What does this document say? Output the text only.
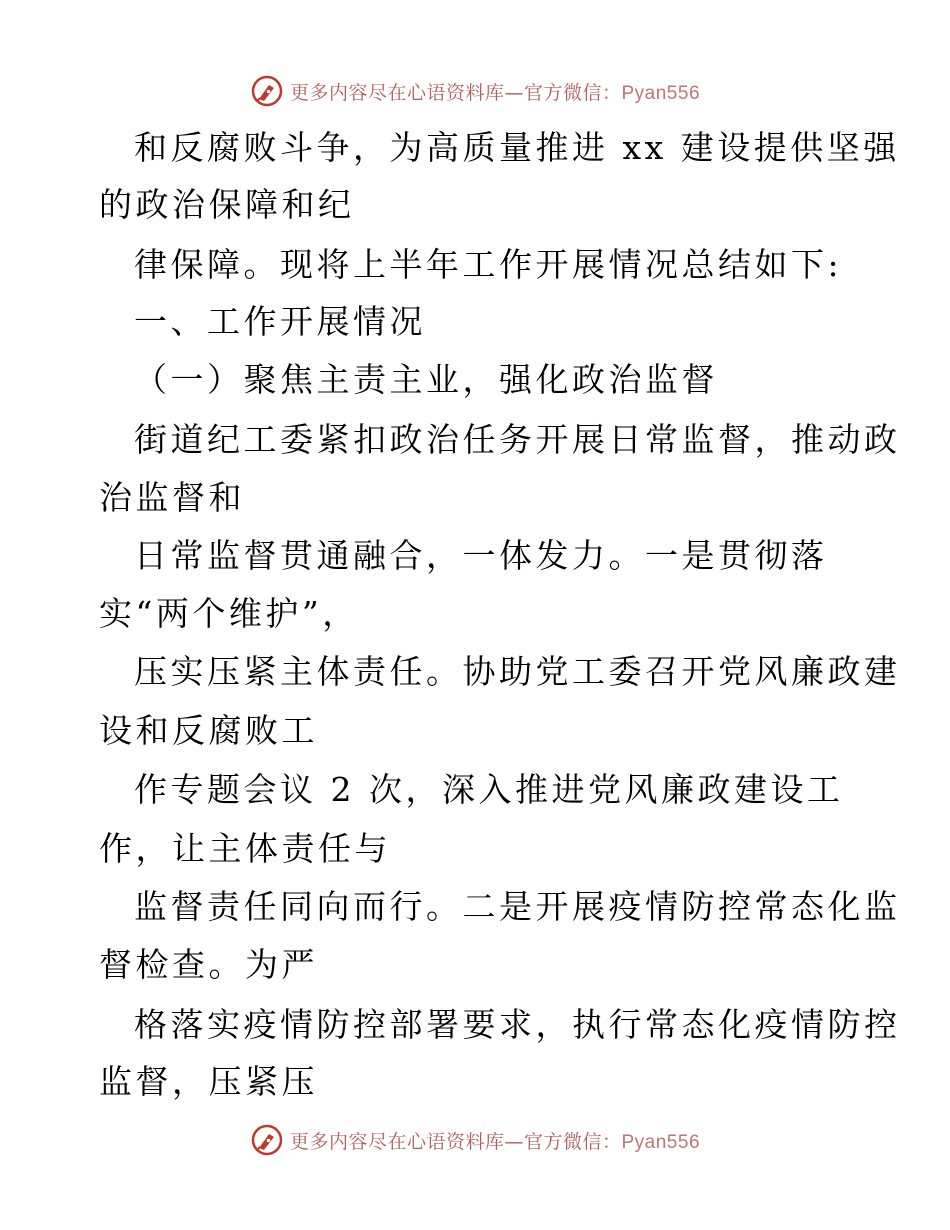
更多内容尽在心语资料库—官方微信：Pyan556
和反腐败斗争，为高质量推进 xx 建设提供坚强
的政治保障和纪
律保障。现将上半年工作开展情况总结如下:
一、工作开展情况
（一）聚焦主责主业，强化政治监督
街道纪工委紧扣政治任务开展日常监督，推动政
治监督和
日常监督贯通融合，一体发力。一是贯彻落
实“两个维护”，
压实压紧主体责任。协助党工委召开党风廉政建
设和反腐败工
作专题会议 2 次，深入推进党风廉政建设工
作，让主体责任与
监督责任同向而行。二是开展疫情防控常态化监
督检查。为严
格落实疫情防控部署要求，执行常态化疫情防控
监督，压紧压
更多内容尽在心语资料库—官方微信：Pyan556
